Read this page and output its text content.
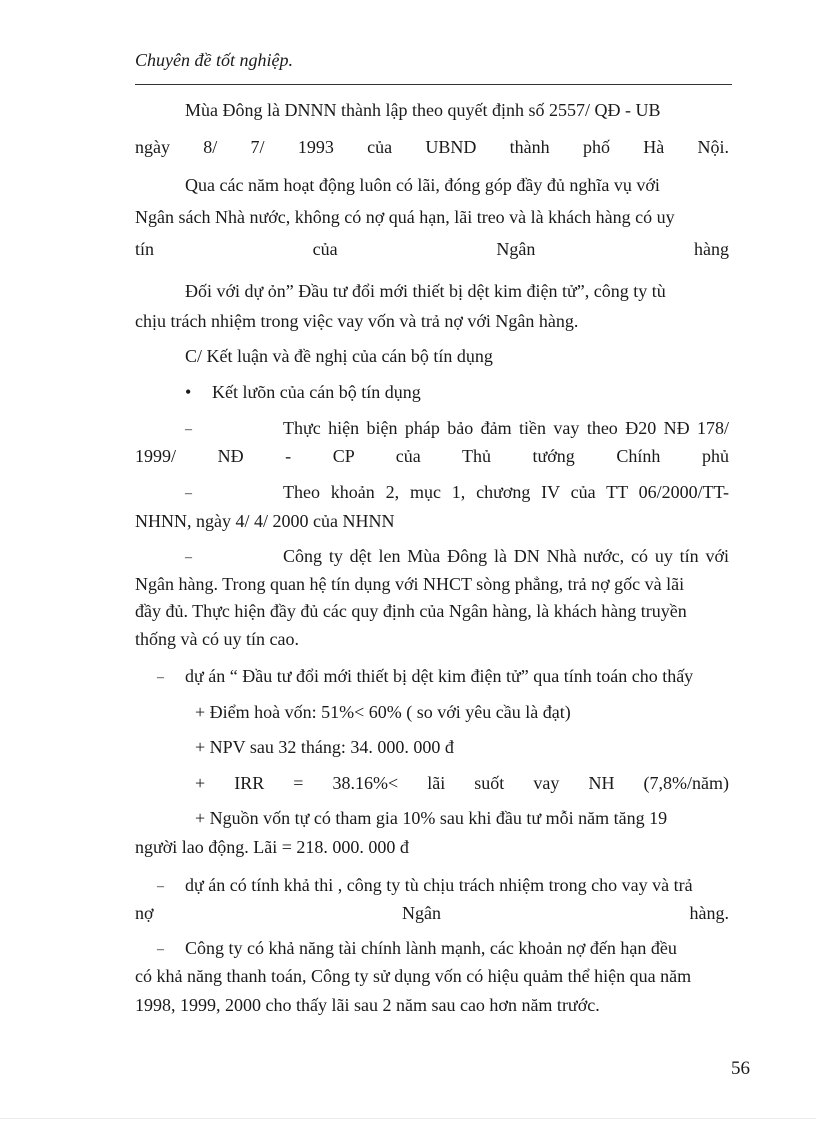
Chuyên đề tốt nghiệp.
Mùa Đông là DNNN thành lập theo quyết định số 2557/ QĐ - UB
ngày 8/ 7/ 1993 của UBND thành phố Hà Nội.
Qua các năm hoạt động luôn có lãi, đóng góp đầy đủ nghĩa vụ với
Ngân sách Nhà nước, không có nợ quá hạn, lãi treo và là khách hàng có uy
tín của Ngân hàng
Đối với dự ỏn” Đầu tư đổi mới thiết bị dệt kim điện tử”, công ty tù
chịu trách nhiệm trong việc vay vốn và trả nợ với Ngân hàng.
C/ Kết luận và đề nghị của cán bộ tín dụng
• Kết lưõn của cán bộ tín dụng
–	Thực hiện biện pháp bảo đảm tiền vay theo Đ20 NĐ 178/
1999/ NĐ - CP của Thủ tướng Chính phủ
–	Theo khoản 2, mục 1, chương IV của TT 06/2000/TT-
NHNN, ngày 4/ 4/ 2000 của NHNN
–	Công ty dệt len Mùa Đông là DN Nhà nước, có uy tín với
Ngân hàng. Trong quan hệ tín dụng với NHCT sòng phẳng, trả nợ gốc và lãi
đầy đủ. Thực hiện đầy đủ các quy định của Ngân hàng, là khách hàng truyền
thống và có uy tín cao.
– dự án “ Đầu tư đổi mới thiết bị dệt kim điện tử” qua tính toán cho thấy
+ Điểm hoà vốn: 51%< 60% ( so với yêu cầu là đạt)
+ NPV sau 32 tháng: 34. 000. 000 đ
+ IRR = 38.16%< lãi suốt vay NH (7,8%/năm)
+ Nguồn vốn tự có tham gia 10% sau khi đầu tư mỗi năm tăng 19
người lao động. Lãi = 218. 000. 000 đ
– dự án có tính khả thi , công ty tù chịu trách nhiệm trong cho vay và trả
nợ Ngân hàng.
– Công ty có khả năng tài chính lành mạnh, các khoản nợ đến hạn đều
có khả năng thanh toán, Công ty sử dụng vốn có hiệu quảm thể hiện qua năm
1998, 1999, 2000 cho thấy lãi sau 2 năm sau cao hơn năm trước.
56
